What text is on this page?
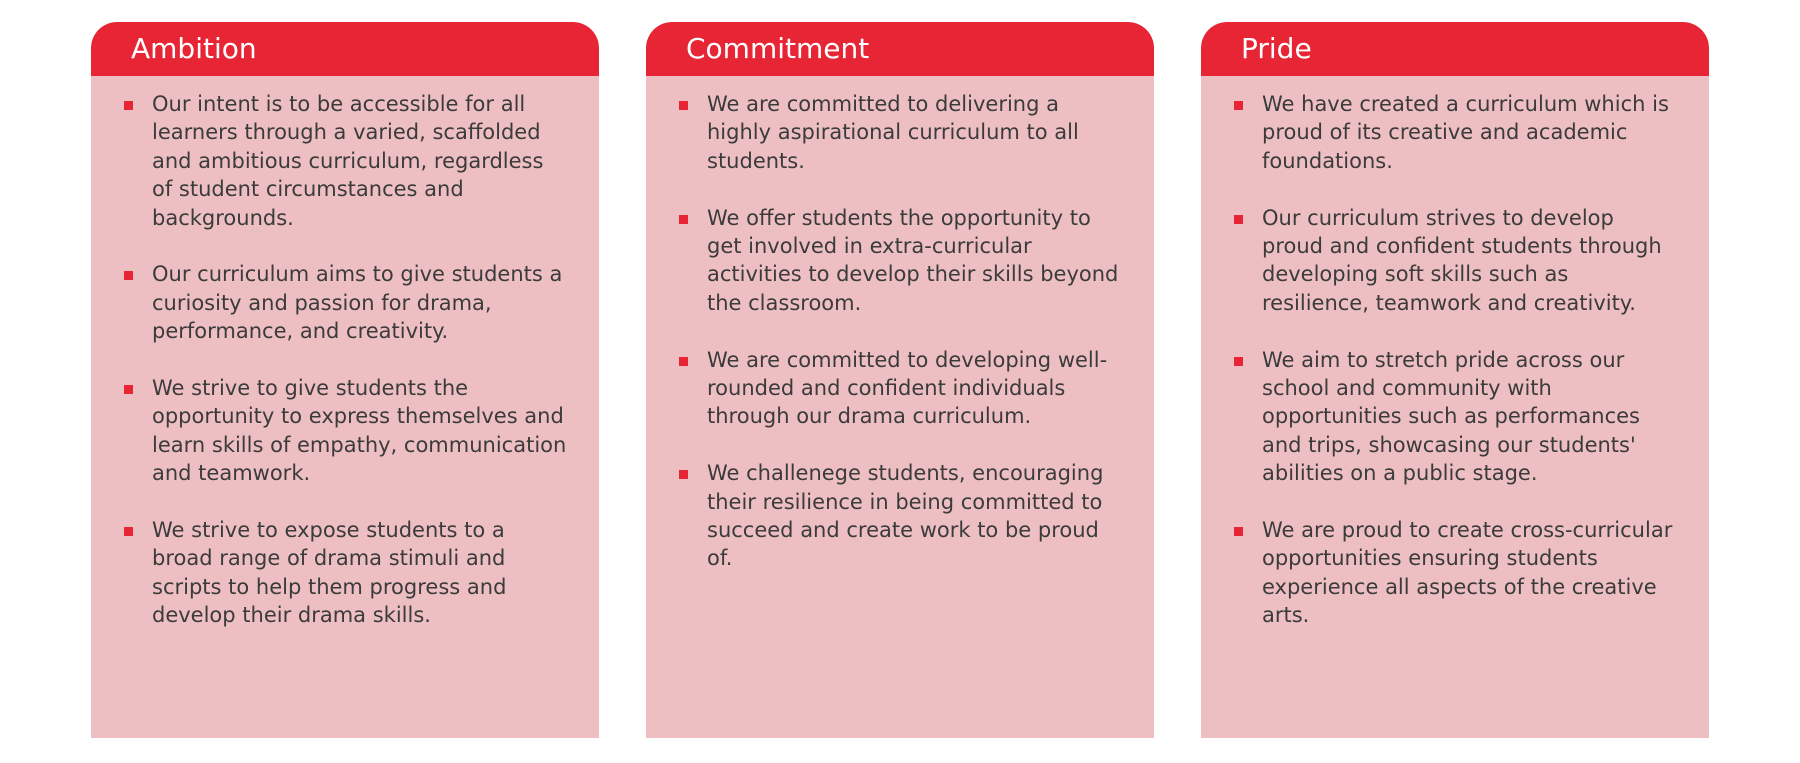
Ambition
Our intent is to be accessible for all learners through a varied, scaffolded and ambitious curriculum, regardless of student circumstances and backgrounds.
Our curriculum aims to give students a curiosity and passion for drama, performance, and creativity.
We strive to give students the opportunity to express themselves and learn skills of empathy, communication and teamwork.
We strive to expose students to a broad range of drama stimuli and scripts to help them progress and develop their drama skills.
Commitment
We are committed to delivering a highly aspirational curriculum to all students.
We offer students the opportunity to get involved in extra-curricular activities to develop their skills beyond the classroom.
We are committed to developing well-rounded and confident individuals through our drama curriculum.
We challenege students, encouraging their resilience in being committed to succeed and create work to be proud of.
Pride
We have created a curriculum which is proud of its creative and academic foundations.
Our curriculum strives to develop proud and confident students through developing soft skills such as resilience, teamwork and creativity.
We aim to stretch pride across our school and community with opportunities such as performances and trips, showcasing our students' abilities on a public stage.
We are proud to create cross-curricular opportunities ensuring students experience all aspects of the creative arts.
